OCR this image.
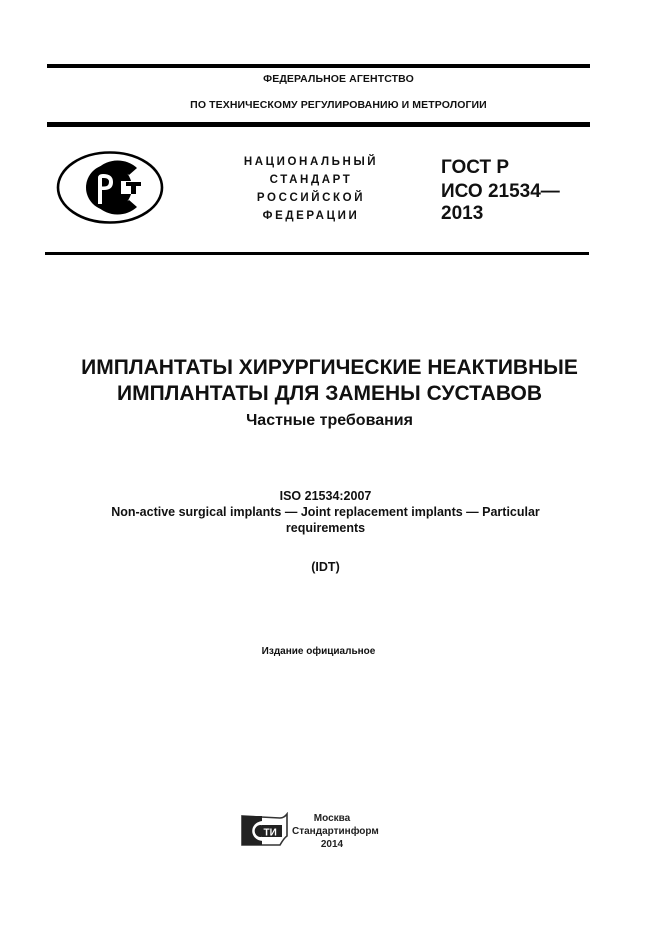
ФЕДЕРАЛЬНОЕ АГЕНТСТВО
ПО ТЕХНИЧЕСКОМУ РЕГУЛИРОВАНИЮ И МЕТРОЛОГИИ
НАЦИОНАЛЬНЫЙ
СТАНДАРТ
РОССИЙСКОЙ
ФЕДЕРАЦИИ
ГОСТ Р
ИСО 21534—
2013
ИМПЛАНТАТЫ ХИРУРГИЧЕСКИЕ НЕАКТИВНЫЕ
ИМПЛАНТАТЫ ДЛЯ ЗАМЕНЫ СУСТАВОВ
Частные требования
ISO 21534:2007
Non-active surgical implants — Joint replacement implants — Particular
requirements
(IDT)
Издание официальное
ТИ
Москва
Стандартинформ
2014
